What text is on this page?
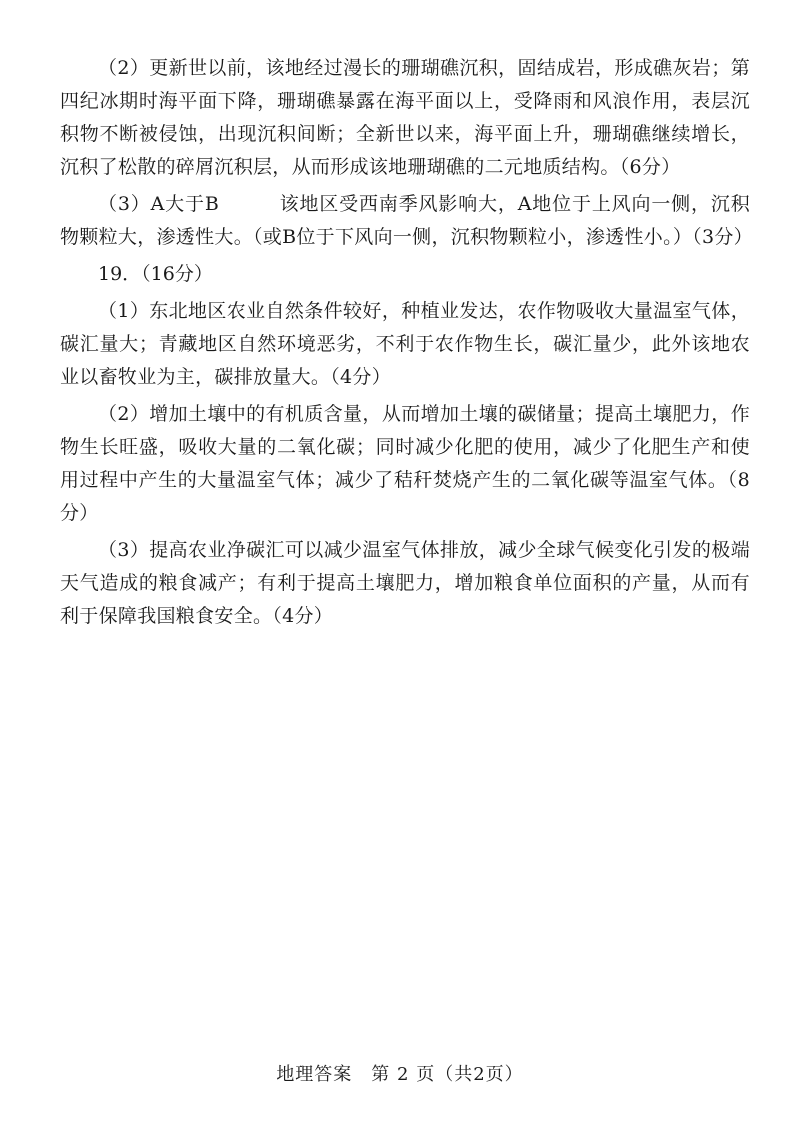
（2）更新世以前，该地经过漫长的珊瑚礁沉积，固结成岩，形成礁灰岩；第四纪冰期时海平面下降，珊瑚礁暴露在海平面以上，受降雨和风浪作用，表层沉积物不断被侵蚀，出现沉积间断；全新世以来，海平面上升，珊瑚礁继续增长，沉积了松散的碎屑沉积层，从而形成该地珊瑚礁的二元地质结构。（6分）

（3）A大于B	该地区受西南季风影响大，A地位于上风向一侧，沉积物颗粒大，渗透性大。（或B位于下风向一侧，沉积物颗粒小，渗透性小。）（3分）

19．（16分）

（1）东北地区农业自然条件较好，种植业发达，农作物吸收大量温室气体，碳汇量大；青藏地区自然环境恶劣，不利于农作物生长，碳汇量少，此外该地农业以畜牧业为主，碳排放量大。（4分）

（2）增加土壤中的有机质含量，从而增加土壤的碳储量；提高土壤肥力，作物生长旺盛，吸收大量的二氧化碳；同时减少化肥的使用，减少了化肥生产和使用过程中产生的大量温室气体；减少了秸秆焚烧产生的二氧化碳等温室气体。（8分）

（3）提高农业净碳汇可以减少温室气体排放，减少全球气候变化引发的极端天气造成的粮食减产；有利于提高土壤肥力，增加粮食单位面积的产量，从而有利于保障我国粮食安全。（4分）

地理答案　第 2 页（共2页）
